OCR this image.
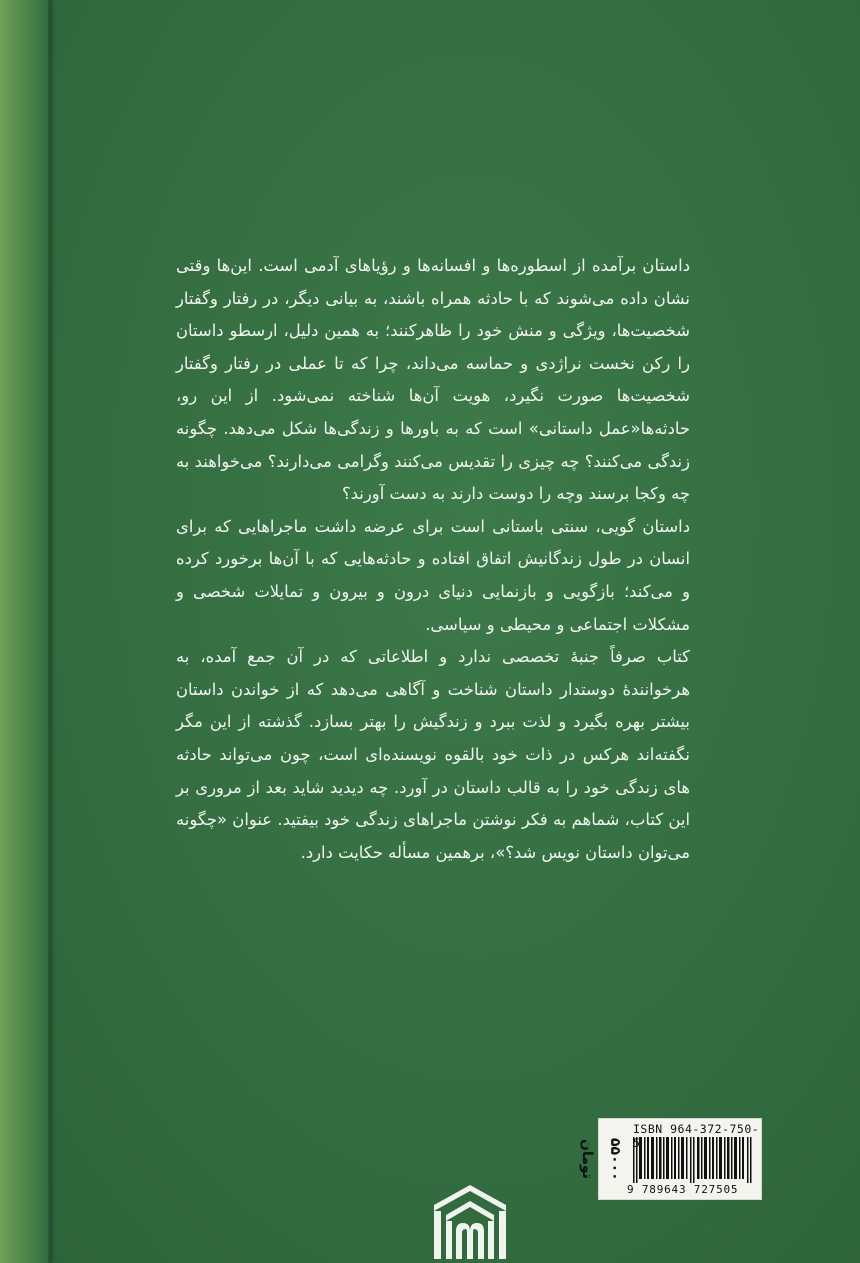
داستان برآمده از اسطوره‌ها و افسانه‌ها و رؤیاهای آدمی است. این‌ها وقتی نشان داده می‌شوند که با حادثه همراه باشند، به بیانی دیگر، در رفتار وگفتار شخصیت‌ها، ویژگی و منش خود را ظاهرکنند؛ به همین دلیل، ارسطو داستان را رکن نخست نراژدی و حماسه می‌داند، چرا که تا عملی در رفتار وگفتار شخصیت‌ها صورت نگیرد، هویت آن‌ها شناخته نمی‌شود. از این رو، حادثه‌ها«عمل داستانی» است که به باورها و زندگی‌ها شکل می‌دهد. چگونه زندگی می‌کنند؟ چه چیزی را تقدیس می‌کنند وگرامی می‌دارند؟ می‌خواهند به چه وکجا برسند وچه را دوست دارند به دست آورند؟

داستان گویی، سنتی باستانی است برای عرضه داشت ماجراهایی که برای انسان در طول زندگانیش اتفاق افتاده و حادثه‌هایی که با آن‌ها برخورد کرده و می‌کند؛ بازگویی و بازنمایی دنیای درون و بیرون و تمایلات شخصی و مشکلات اجتماعی و محیطی و سیاسی.

کتاب صرفاً جنبهٔ تخصصی ندارد و اطلاعاتی که در آن جمع آمده، به هرخوانندهٔ دوستدار داستان شناخت و آگاهی می‌دهد که از خواندن داستان بیشتر بهره بگیرد و لذت ببرد و زندگیش را بهتر بسازد. گذشته از این مگر نگفته‌اند هرکس در ذات خود بالقوه نویسنده‌ای است، چون می‌تواند حادثه های زندگی خود را به قالب داستان در آورد. چه دیدید شاید بعد از مروری بر این کتاب، شماهم به فکر نوشتن ماجراهای زندگی خود بیفتید. عنوان «چگونه می‌توان داستان نویس شد؟»، برهمین مسأله حکایت دارد.

۵۵۰۰۰ تومان
ISBN 964-372-750-5
9 789643 727505
